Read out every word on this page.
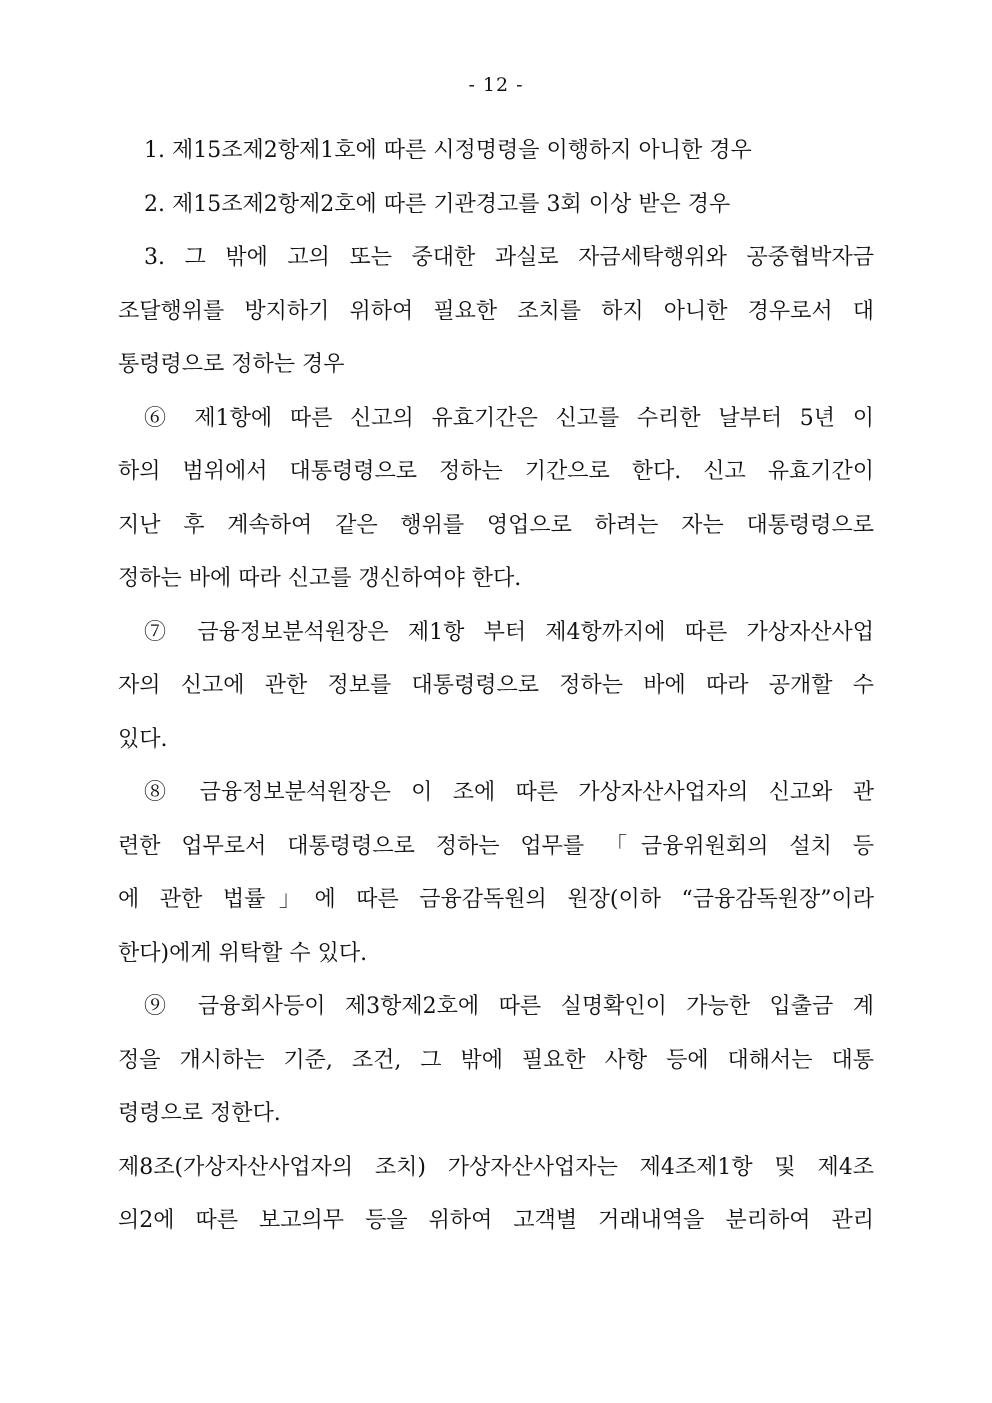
- 12 -
1. 제15조제2항제1호에 따른 시정명령을 이행하지 아니한 경우
2. 제15조제2항제2호에 따른 기관경고를 3회 이상 받은 경우
3. 그 밖에 고의 또는 중대한 과실로 자금세탁행위와 공중협박자금
조달행위를 방지하기 위하여 필요한 조치를 하지 아니한 경우로서 대
통령령으로 정하는 경우
⑥ 제1항에 따른 신고의 유효기간은 신고를 수리한 날부터 5년 이
하의 범위에서 대통령령으로 정하는 기간으로 한다. 신고 유효기간이
지난 후 계속하여 같은 행위를 영업으로 하려는 자는 대통령령으로
정하는 바에 따라 신고를 갱신하여야 한다.
⑦ 금융정보분석원장은 제1항 부터 제4항까지에 따른 가상자산사업
자의 신고에 관한 정보를 대통령령으로 정하는 바에 따라 공개할 수
있다.
⑧ 금융정보분석원장은 이 조에 따른 가상자산사업자의 신고와 관
련한 업무로서 대통령령으로 정하는 업무를 「금융위원회의 설치 등
에 관한 법률」에 따른 금융감독원의 원장(이하 “금융감독원장”이라
한다)에게 위탁할 수 있다.
⑨ 금융회사등이 제3항제2호에 따른 실명확인이 가능한 입출금 계
정을 개시하는 기준, 조건, 그 밖에 필요한 사항 등에 대해서는 대통
령령으로 정한다.
제8조(가상자산사업자의 조치) 가상자산사업자는 제4조제1항 및 제4조
의2에 따른 보고의무 등을 위하여 고객별 거래내역을 분리하여 관리
